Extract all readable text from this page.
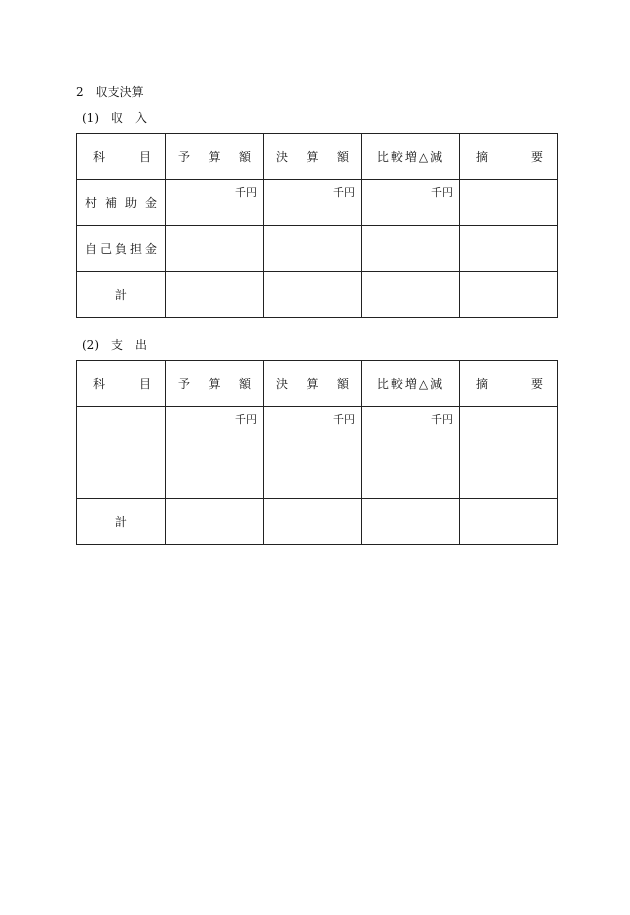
2　 収支決算
(1)　 収　入
科 目	予 算 額	決 算 額	比較増△減	摘 要

村 補 助 金	千円	千円	千円	

自 己 負 担 金				

計				

(2)　 支　出
科 目	予 算 額	決 算 額	比較増△減	摘 要

	千円	千円	千円	

計				
